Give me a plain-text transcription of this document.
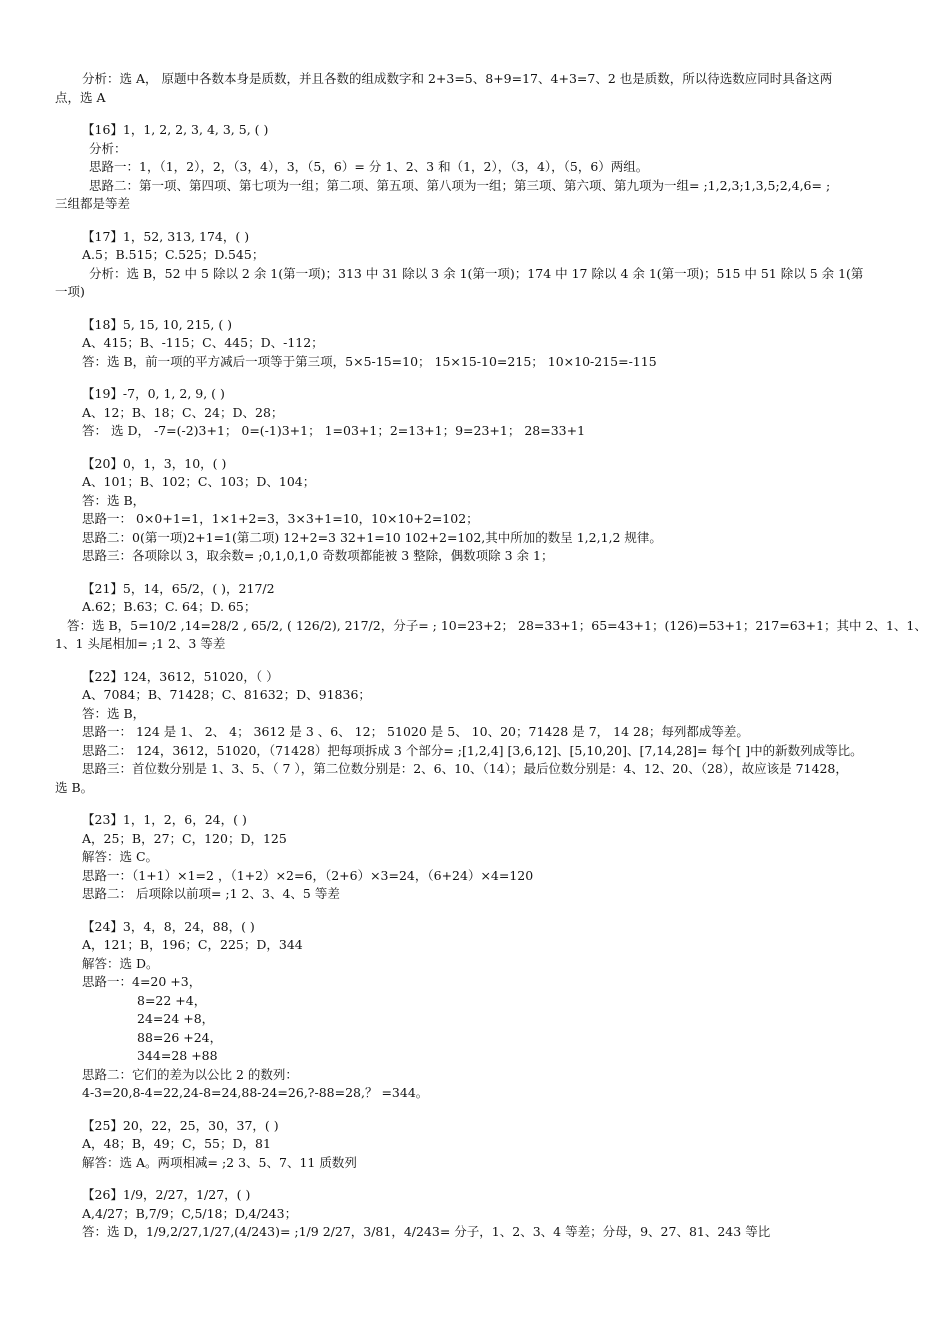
分析：选 A， 原题中各数本身是质数，并且各数的组成数字和 2+3=5、8+9=17、4+3=7、2 也是质数，所以待选数应同时具备这两
点，选 A
【16】1，1, 2, 2, 3, 4, 3, 5, ( )
分析：
思路一：1，（1，2），2，（3，4），3，（5，6）= 分 1、2、3 和（1，2），（3，4），（5，6）两组。
思路二：第一项、第四项、第七项为一组；第二项、第五项、第八项为一组；第三项、第六项、第九项为一组= ;1,2,3;1,3,5;2,4,6= ;
三组都是等差
【17】1，52, 313, 174，( )
A.5；B.515；C.525；D.545；
分析：选 B，52 中 5 除以 2 余 1(第一项)；313 中 31 除以 3 余 1(第一项)；174 中 17 除以 4 余 1(第一项)；515 中 51 除以 5 余 1(第
一项)
【18】5, 15, 10, 215, ( )
A、415；B、-115；C、445；D、-112；
答：选 B，前一项的平方减后一项等于第三项，5×5-15=10； 15×15-10=215； 10×10-215=-115
【19】-7，0, 1, 2, 9, ( )
A、12；B、18；C、24；D、28；
答： 选 D， -7=(-2)3+1； 0=(-1)3+1； 1=03+1；2=13+1；9=23+1； 28=33+1
【20】0，1，3，10，( )
A、101；B、102；C、103；D、104；
答：选 B，
思路一： 0×0+1=1，1×1+2=3，3×3+1=10，10×10+2=102；
思路二：0(第一项)2+1=1(第二项) 12+2=3 32+1=10 102+2=102,其中所加的数呈 1,2,1,2 规律。
思路三：各项除以 3，取余数= ;0,1,0,1,0 奇数项都能被 3 整除，偶数项除 3 余 1；
【21】5，14，65/2，( )，217/2
A.62；B.63；C. 64；D. 65；
答：选 B，5=10/2 ,14=28/2 , 65/2, ( 126/2), 217/2，分子= ; 10=23+2； 28=33+1；65=43+1；(126)=53+1；217=63+1；其中 2、1、1、
1、1 头尾相加= ;1 2、3 等差
【22】124，3612，51020，（ ）
A、7084；B、71428；C、81632；D、91836；
答：选 B，
思路一： 124 是 1、 2、 4； 3612 是 3 、6、 12； 51020 是 5、 10、20；71428 是 7， 14 28；每列都成等差。
思路二： 124，3612，51020，（71428）把每项拆成 3 个部分= ;[1,2,4] [3,6,12]、[5,10,20]、[7,14,28]= 每个[ ]中的新数列成等比。
思路三：首位数分别是 1、3、5、（ 7 ），第二位数分别是：2、6、10、（14）；最后位数分别是：4、12、20、（28），故应该是 71428，
选 B。
【23】1，1，2，6，24，( )
A，25；B，27；C，120；D，125
解答：选 C。
思路一：（1+1）×1=2 ，（1+2）×2=6，（2+6）×3=24，（6+24）×4=120
思路二： 后项除以前项= ;1 2、3、4、5 等差
【24】3，4，8，24，88，( )
A，121；B，196；C，225；D，344
解答：选 D。
思路一：4=20 +3，
8=22 +4，
24=24 +8，
88=26 +24，
344=28 +88
思路二：它们的差为以公比 2 的数列：
4-3=20,8-4=22,24-8=24,88-24=26,?-88=28,？ =344。
【25】20，22，25，30，37，( )
A，48；B，49；C，55；D，81
解答：选 A。两项相减= ;2 3、5、7、11 质数列
【26】1/9，2/27，1/27，( )
A,4/27；B,7/9；C,5/18；D,4/243；
答：选 D，1/9,2/27,1/27,(4/243)= ;1/9 2/27，3/81，4/243= 分子，1、2、3、4 等差；分母，9、27、81、243 等比
